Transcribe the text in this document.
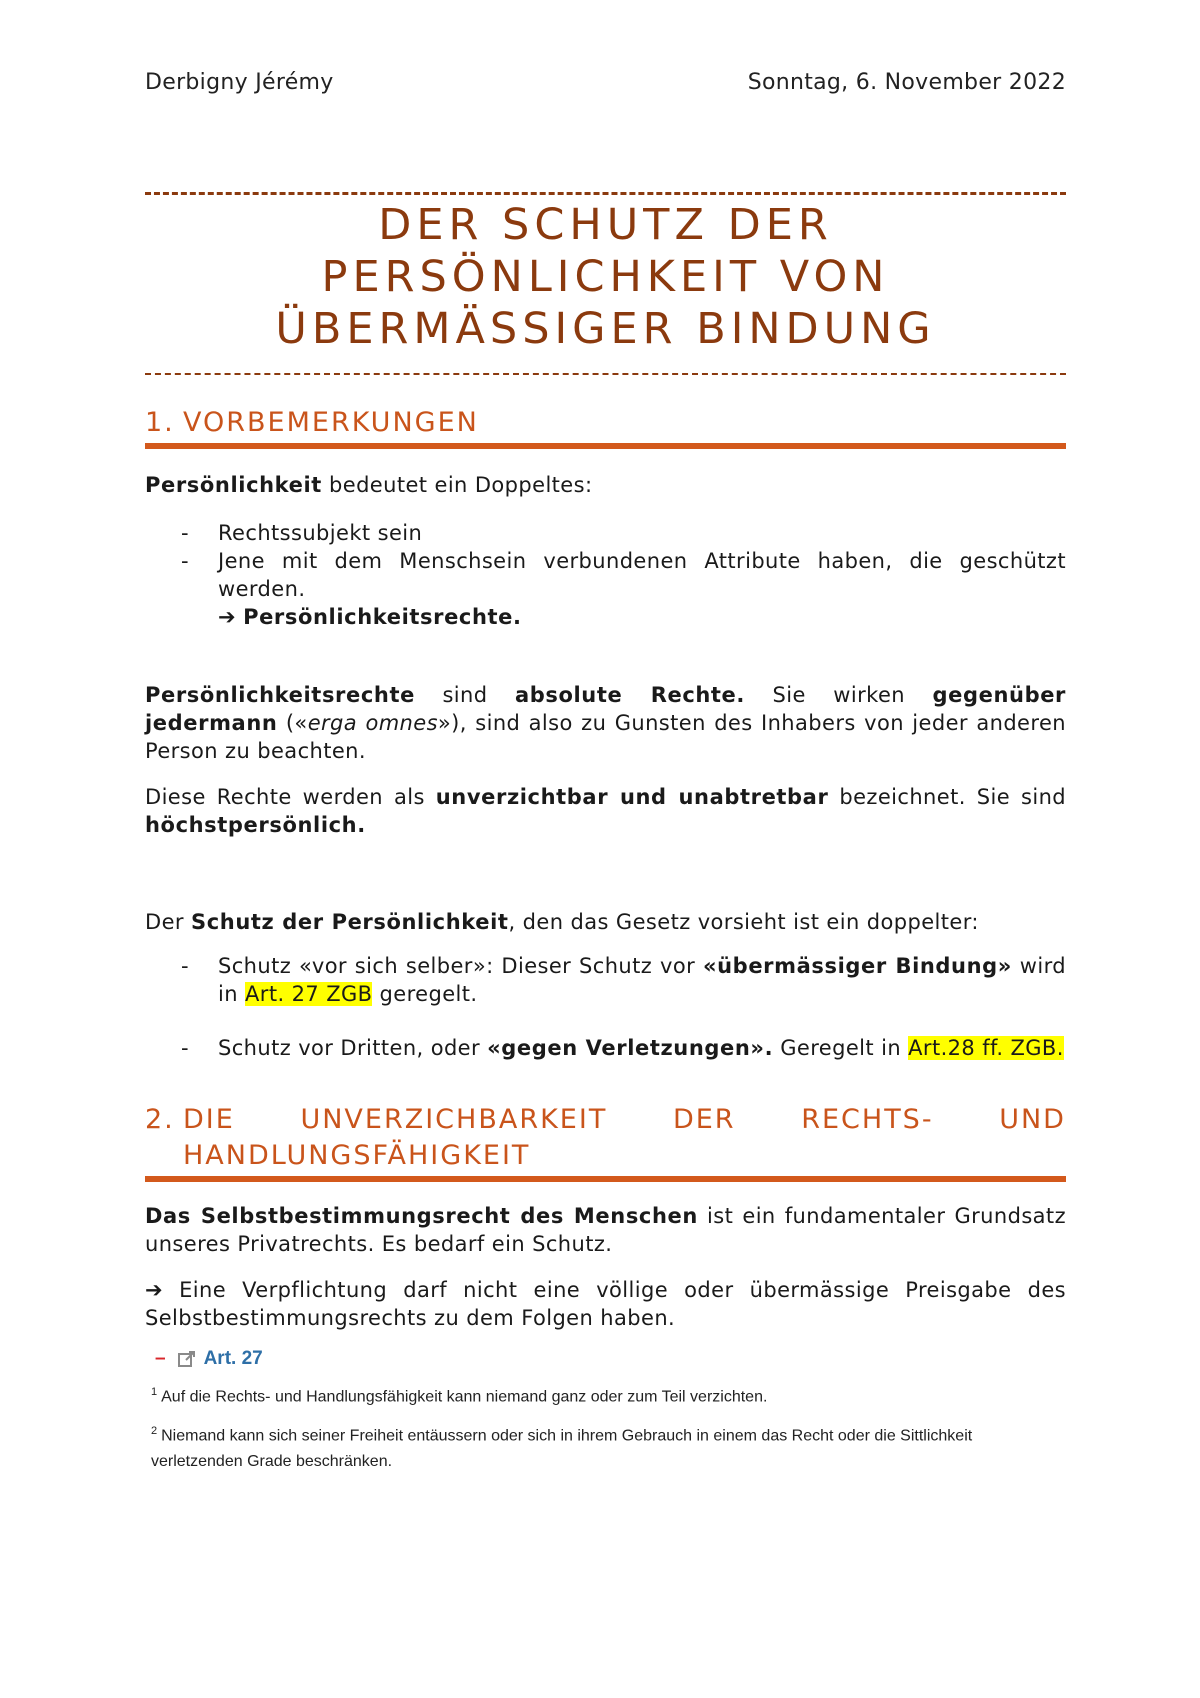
Derbigny Jérémy	Sonntag, 6. November 2022
DER SCHUTZ DER
PERSÖNLICHKEIT VON
ÜBERMÄSSIGER BINDUNG
1. VORBEMERKUNGEN

Persönlichkeit bedeutet ein Doppeltes:

- Rechtssubjekt sein
- Jene mit dem Menschsein verbundenen Attribute haben, die geschützt werden.
➔ Persönlichkeitsrechte.

Persönlichkeitsrechte sind absolute Rechte. Sie wirken gegenüber jedermann («erga omnes»), sind also zu Gunsten des Inhabers von jeder anderen Person zu beachten.

Diese Rechte werden als unverzichtbar und unabtretbar bezeichnet. Sie sind höchstpersönlich.

Der Schutz der Persönlichkeit, den das Gesetz vorsieht ist ein doppelter:

- Schutz «vor sich selber»: Dieser Schutz vor «übermässiger Bindung» wird in Art. 27 ZGB geregelt.
- Schutz vor Dritten, oder «gegen Verletzungen». Geregelt in Art.28 ff. ZGB.
2. DIE UNVERZICHBARKEIT DER RECHTS- UND
HANDLUNGSFÄHIGKEIT

Das Selbstbestimmungsrecht des Menschen ist ein fundamentaler Grundsatz unseres Privatrechts. Es bedarf ein Schutz.

➔ Eine Verpflichtung darf nicht eine völlige oder übermässige Preisgabe des Selbstbestimmungsrechts zu dem Folgen haben.

– Art. 27
$^1$ Auf die Rechts- und Handlungsfähigkeit kann niemand ganz oder zum Teil verzichten.
$^2$ Niemand kann sich seiner Freiheit entäussern oder sich in ihrem Gebrauch in einem das Recht oder die Sittlichkeit verletzenden Grade beschränken.
